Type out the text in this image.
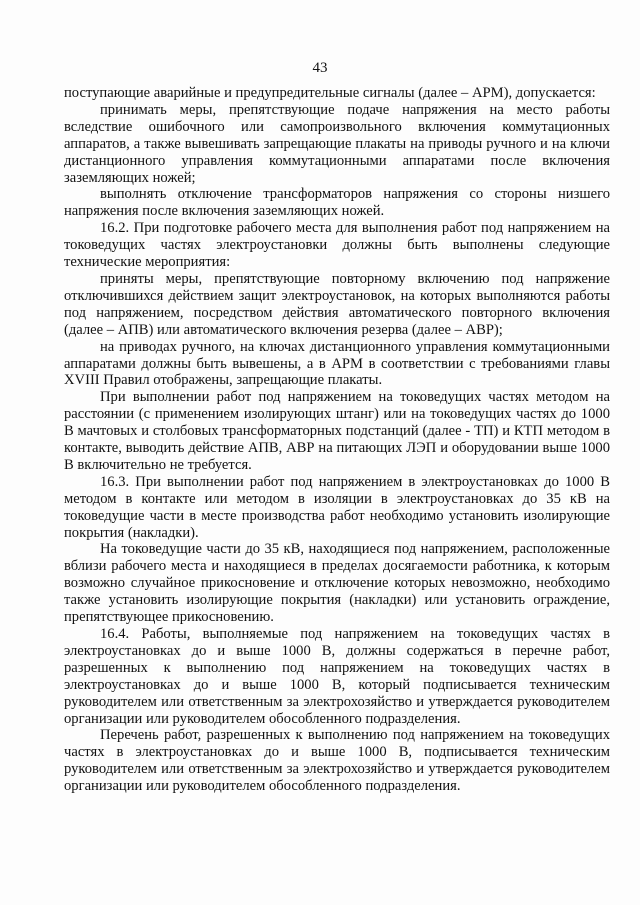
43

поступающие аварийные и предупредительные сигналы (далее – АРМ), допускается:

принимать меры, препятствующие подаче напряжения на место работы вследствие ошибочного или самопроизвольного включения коммутационных аппаратов, а также вывешивать запрещающие плакаты на приводы ручного и на ключи дистанционного управления коммутационными аппаратами после включения заземляющих ножей;

выполнять отключение трансформаторов напряжения со стороны низшего напряжения после включения заземляющих ножей.

16.2. При подготовке рабочего места для выполнения работ под напряжением на токоведущих частях электроустановки должны быть выполнены следующие технические мероприятия:

приняты меры, препятствующие повторному включению под напряжение отключившихся действием защит электроустановок, на которых выполняются работы под напряжением, посредством действия автоматического повторного включения (далее – АПВ) или автоматического включения резерва (далее – АВР);

на приводах ручного, на ключах дистанционного управления коммутационными аппаратами должны быть вывешены, а в АРМ в соответствии с требованиями главы XVIII Правил отображены, запрещающие плакаты.

При выполнении работ под напряжением на токоведущих частях методом на расстоянии (с применением изолирующих штанг) или на токоведущих частях до 1000 В мачтовых и столбовых трансформаторных подстанций (далее - ТП) и КТП методом в контакте, выводить действие АПВ, АВР на питающих ЛЭП и оборудовании выше 1000 В включительно не требуется.

16.3. При выполнении работ под напряжением в электроустановках до 1000 В методом в контакте или методом в изоляции в электроустановках до 35 кВ на токоведущие части в месте производства работ необходимо установить изолирующие покрытия (накладки).

На токоведущие части до 35 кВ, находящиеся под напряжением, расположенные вблизи рабочего места и находящиеся в пределах досягаемости работника, к которым возможно случайное прикосновение и отключение которых невозможно, необходимо также установить изолирующие покрытия (накладки) или установить ограждение, препятствующее прикосновению.

16.4. Работы, выполняемые под напряжением на токоведущих частях в электроустановках до и выше 1000 В, должны содержаться в перечне работ, разрешенных к выполнению под напряжением на токоведущих частях в электроустановках до и выше 1000 В, который подписывается техническим руководителем или ответственным за электрохозяйство и утверждается руководителем организации или руководителем обособленного подразделения.

Перечень работ, разрешенных к выполнению под напряжением на токоведущих частях в электроустановках до и выше 1000 В, подписывается техническим руководителем или ответственным за электрохозяйство и утверждается руководителем организации или руководителем обособленного подразделения.
